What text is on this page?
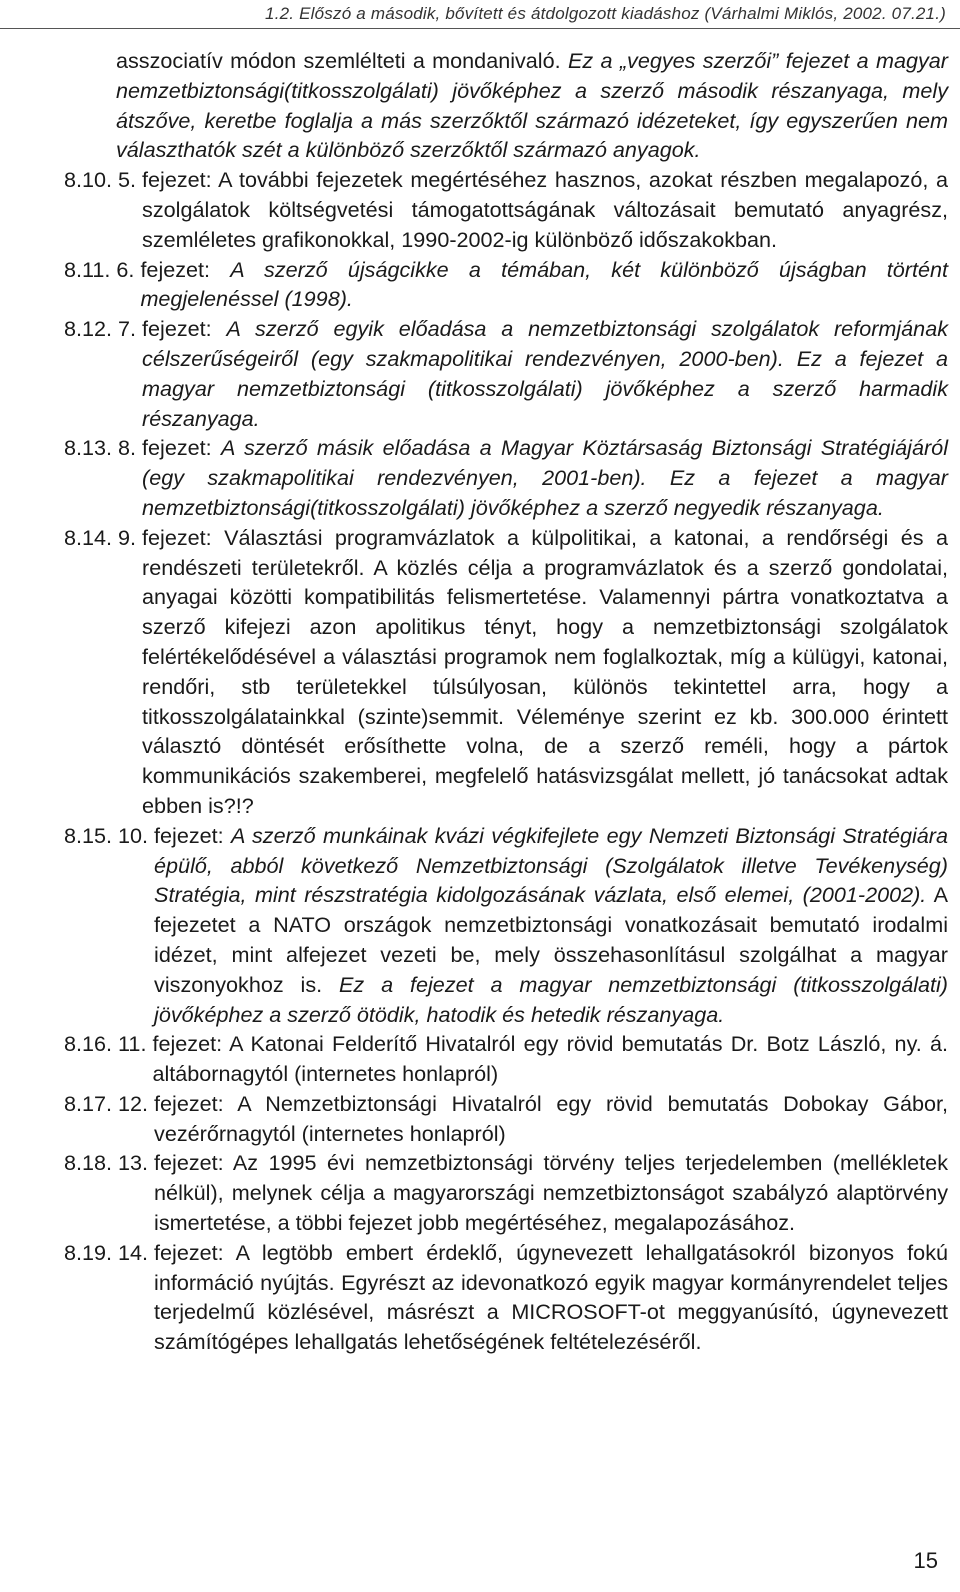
1.2. Előszó a második, bővített és átdolgozott kiadáshoz (Várhalmi Miklós, 2002. 07.21.)

asszociatív módon szemlélteti a mondanivaló. Ez a „vegyes szerzői” fejezet a magyar nemzetbiztonsági(titkosszolgálati) jövőképhez a szerző második részanyaga, mely átszőve, keretbe foglalja a más szerzőktől származó idézeteket, így egyszerűen nem választhatók szét a különböző szerzőktől származó anyagok.

8.10. 5. fejezet: A további fejezetek megértéséhez hasznos, azokat részben megalapozó, a szolgálatok költségvetési támogatottságának változásait bemutató anyagrész, szemléletes grafikonokkal, 1990-2002-ig különböző időszakokban.
8.11. 6. fejezet: A szerző újságcikke a témában, két különböző újságban történt megjelenéssel (1998).
8.12. 7. fejezet: A szerző egyik előadása a nemzetbiztonsági szolgálatok reformjának célszerűségeiről (egy szakmapolitikai rendezvényen, 2000-ben). Ez a fejezet a magyar nemzetbiztonsági (titkosszolgálati) jövőképhez a szerző harmadik részanyaga.
8.13. 8. fejezet: A szerző másik előadása a Magyar Köztársaság Biztonsági Stratégiájáról (egy szakmapolitikai rendezvényen, 2001-ben). Ez a fejezet a magyar nemzetbiztonsági(titkosszolgálati) jövőképhez a szerző negyedik részanyaga.
8.14. 9. fejezet: Választási programvázlatok a külpolitikai, a katonai, a rendőrségi és a rendészeti területekről. A közlés célja a programvázlatok és a szerző gondolatai, anyagai közötti kompatibilitás felismertetése. Valamennyi pártra vonatkoztatva a szerző kifejezi azon apolitikus tényt, hogy a nemzetbiztonsági szolgálatok felértékelődésével a választási programok nem foglalkoztak, míg a külügyi, katonai, rendőri, stb területekkel túlsúlyosan, különös tekintettel arra, hogy a titkosszolgálatainkkal (szinte)semmit. Véleménye szerint ez kb. 300.000 érintett választó döntését erősíthette volna, de a szerző reméli, hogy a pártok kommunikációs szakemberei, megfelelő hatásvizsgálat mellett, jó tanácsokat adtak ebben is?!?
8.15. 10. fejezet: A szerző munkáinak kvázi végkifejlete egy Nemzeti Biztonsági Stratégiára épülő, abból következő Nemzetbiztonsági (Szolgálatok illetve Tevékenység) Stratégia, mint részstratégia kidolgozásának vázlata, első elemei, (2001-2002). A fejezetet a NATO országok nemzetbiztonsági vonatkozásait bemutató irodalmi idézet, mint alfejezet vezeti be, mely összehasonlításul szolgálhat a magyar viszonyokhoz is. Ez a fejezet a magyar nemzetbiztonsági (titkosszolgálati) jövőképhez a szerző ötödik, hatodik és hetedik részanyaga.
8.16. 11. fejezet: A Katonai Felderítő Hivatalról egy rövid bemutatás Dr. Botz László, ny. á. altábornagytól (internetes honlapról)
8.17. 12. fejezet: A Nemzetbiztonsági Hivatalról egy rövid bemutatás Dobokay Gábor, vezérőrnagytól (internetes honlapról)
8.18. 13. fejezet: Az 1995 évi nemzetbiztonsági törvény teljes terjedelemben (mellékletek nélkül), melynek célja a magyarországi nemzetbiztonságot szabályzó alaptörvény ismertetése, a többi fejezet jobb megértéséhez, megalapozásához.
8.19. 14. fejezet: A legtöbb embert érdeklő, úgynevezett lehallgatásokról bizonyos fokú információ nyújtás. Egyrészt az idevonatkozó egyik magyar kormányrendelet teljes terjedelmű közlésével, másrészt a MICROSOFT-ot meggyanúsító, úgynevezett számítógépes lehallgatás lehetőségének feltételezéséről.
15
